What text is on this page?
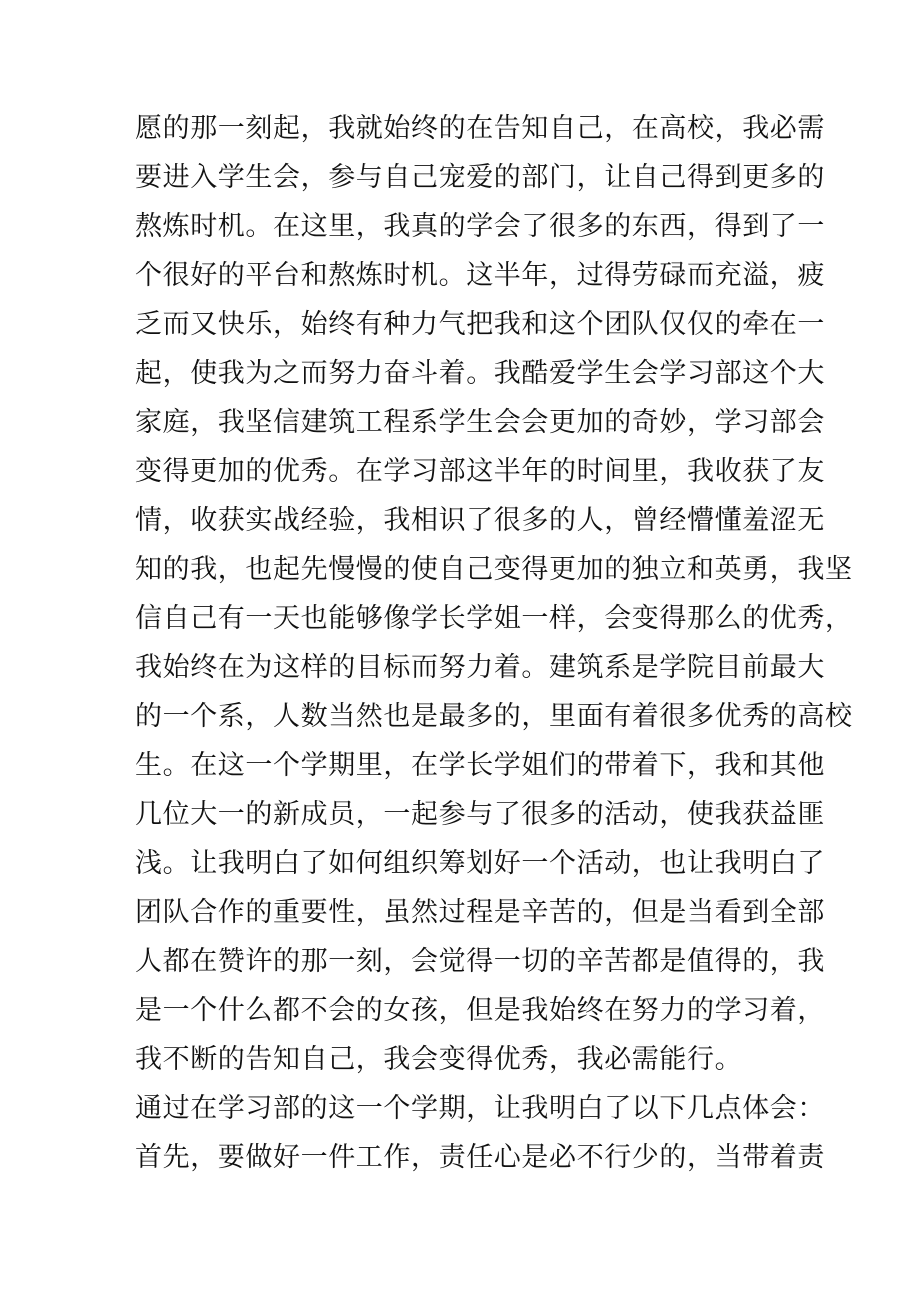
愿的那一刻起，我就始终的在告知自己，在高校，我必需
要进入学生会，参与自己宠爱的部门，让自己得到更多的
熬炼时机。在这里，我真的学会了很多的东西，得到了一
个很好的平台和熬炼时机。这半年，过得劳碌而充溢，疲
乏而又快乐，始终有种力气把我和这个团队仅仅的牵在一
起，使我为之而努力奋斗着。我酷爱学生会学习部这个大
家庭，我坚信建筑工程系学生会会更加的奇妙，学习部会
变得更加的优秀。在学习部这半年的时间里，我收获了友
情，收获实战经验，我相识了很多的人，曾经懵懂羞涩无
知的我，也起先慢慢的使自己变得更加的独立和英勇，我坚
信自己有一天也能够像学长学姐一样，会变得那么的优秀，
我始终在为这样的目标而努力着。建筑系是学院目前最大
的一个系，人数当然也是最多的，里面有着很多优秀的高校
生。在这一个学期里，在学长学姐们的带着下，我和其他
几位大一的新成员，一起参与了很多的活动，使我获益匪
浅。让我明白了如何组织筹划好一个活动，也让我明白了
团队合作的重要性，虽然过程是辛苦的，但是当看到全部
人都在赞许的那一刻，会觉得一切的辛苦都是值得的，我
是一个什么都不会的女孩，但是我始终在努力的学习着，
我不断的告知自己，我会变得优秀，我必需能行。
通过在学习部的这一个学期，让我明白了以下几点体会：
首先，要做好一件工作，责任心是必不行少的，当带着责
